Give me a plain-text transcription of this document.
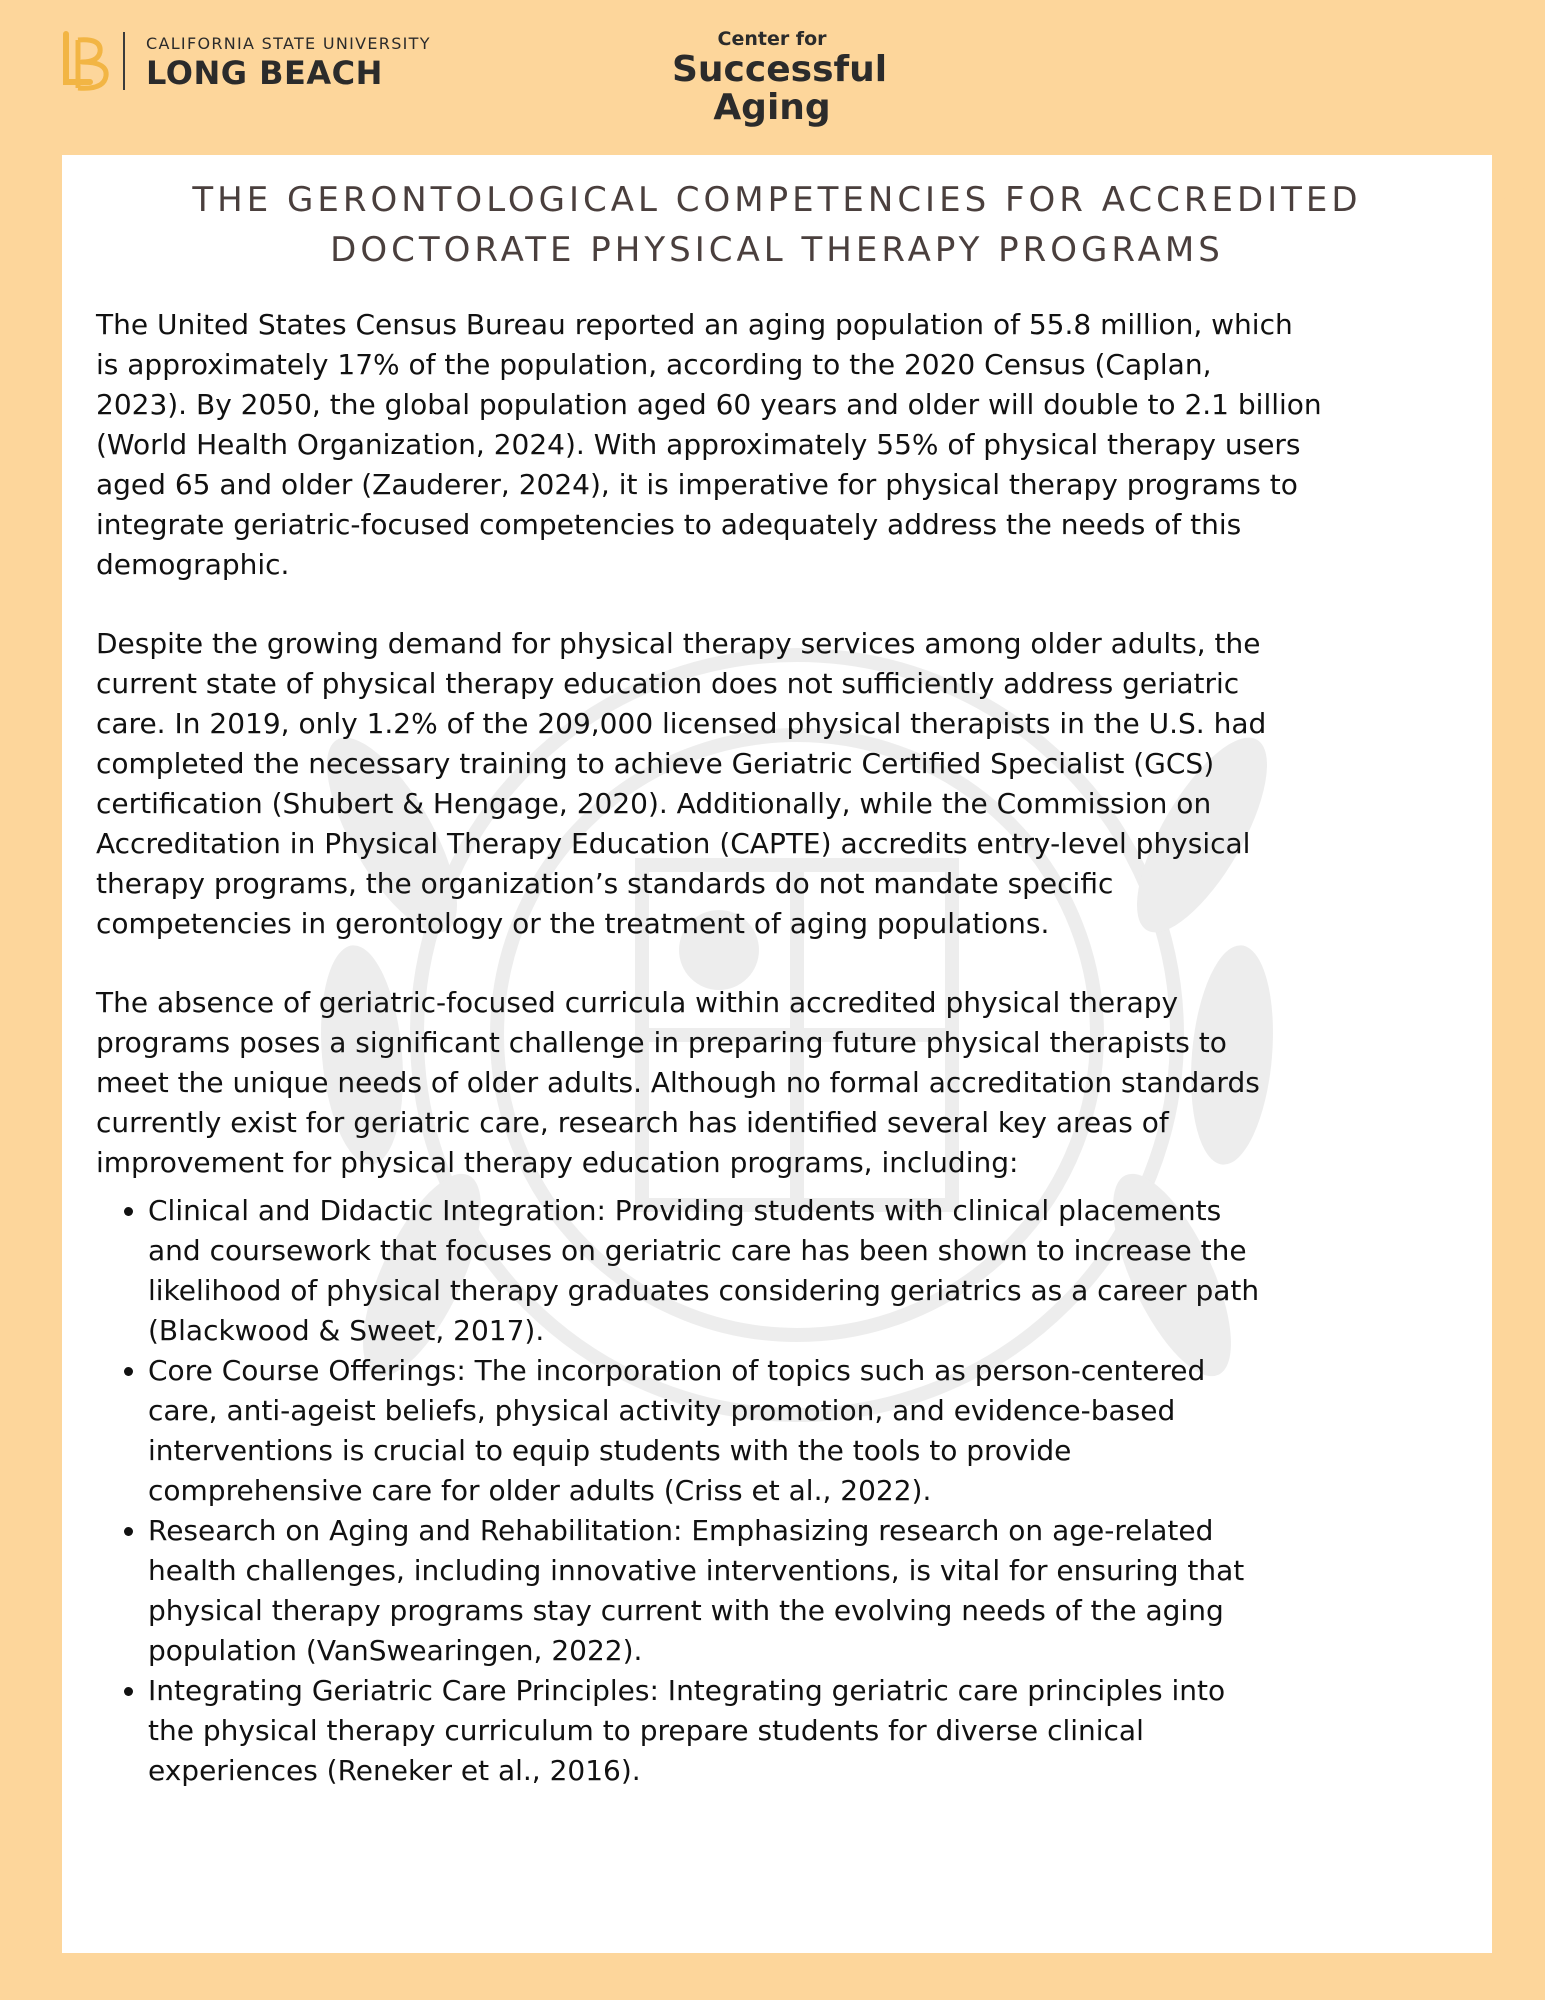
CALIFORNIA STATE UNIVERSITY
LONG BEACH
Center for
Successful
Aging
THE GERONTOLOGICAL COMPETENCIES FOR ACCREDITED
DOCTORATE PHYSICAL THERAPY PROGRAMS

The United States Census Bureau reported an aging population of 55.8 million, which
is approximately 17% of the population, according to the 2020 Census (Caplan,
2023). By 2050, the global population aged 60 years and older will double to 2.1 billion
(World Health Organization, 2024). With approximately 55% of physical therapy users
aged 65 and older (Zauderer, 2024), it is imperative for physical therapy programs to
integrate geriatric-focused competencies to adequately address the needs of this
demographic.

Despite the growing demand for physical therapy services among older adults, the
current state of physical therapy education does not sufficiently address geriatric
care. In 2019, only 1.2% of the 209,000 licensed physical therapists in the U.S. had
completed the necessary training to achieve Geriatric Certified Specialist (GCS)
certification (Shubert & Hengage, 2020). Additionally, while the Commission on
Accreditation in Physical Therapy Education (CAPTE) accredits entry-level physical
therapy programs, the organization’s standards do not mandate specific
competencies in gerontology or the treatment of aging populations.

The absence of geriatric-focused curricula within accredited physical therapy
programs poses a significant challenge in preparing future physical therapists to
meet the unique needs of older adults. Although no formal accreditation standards
currently exist for geriatric care, research has identified several key areas of
improvement for physical therapy education programs, including:

• Clinical and Didactic Integration: Providing students with clinical placements
and coursework that focuses on geriatric care has been shown to increase the
likelihood of physical therapy graduates considering geriatrics as a career path
(Blackwood & Sweet, 2017).
• Core Course Offerings: The incorporation of topics such as person-centered
care, anti-ageist beliefs, physical activity promotion, and evidence-based
interventions is crucial to equip students with the tools to provide
comprehensive care for older adults (Criss et al., 2022).
• Research on Aging and Rehabilitation: Emphasizing research on age-related
health challenges, including innovative interventions, is vital for ensuring that
physical therapy programs stay current with the evolving needs of the aging
population (VanSwearingen, 2022).
• Integrating Geriatric Care Principles: Integrating geriatric care principles into
the physical therapy curriculum to prepare students for diverse clinical
experiences (Reneker et al., 2016).
